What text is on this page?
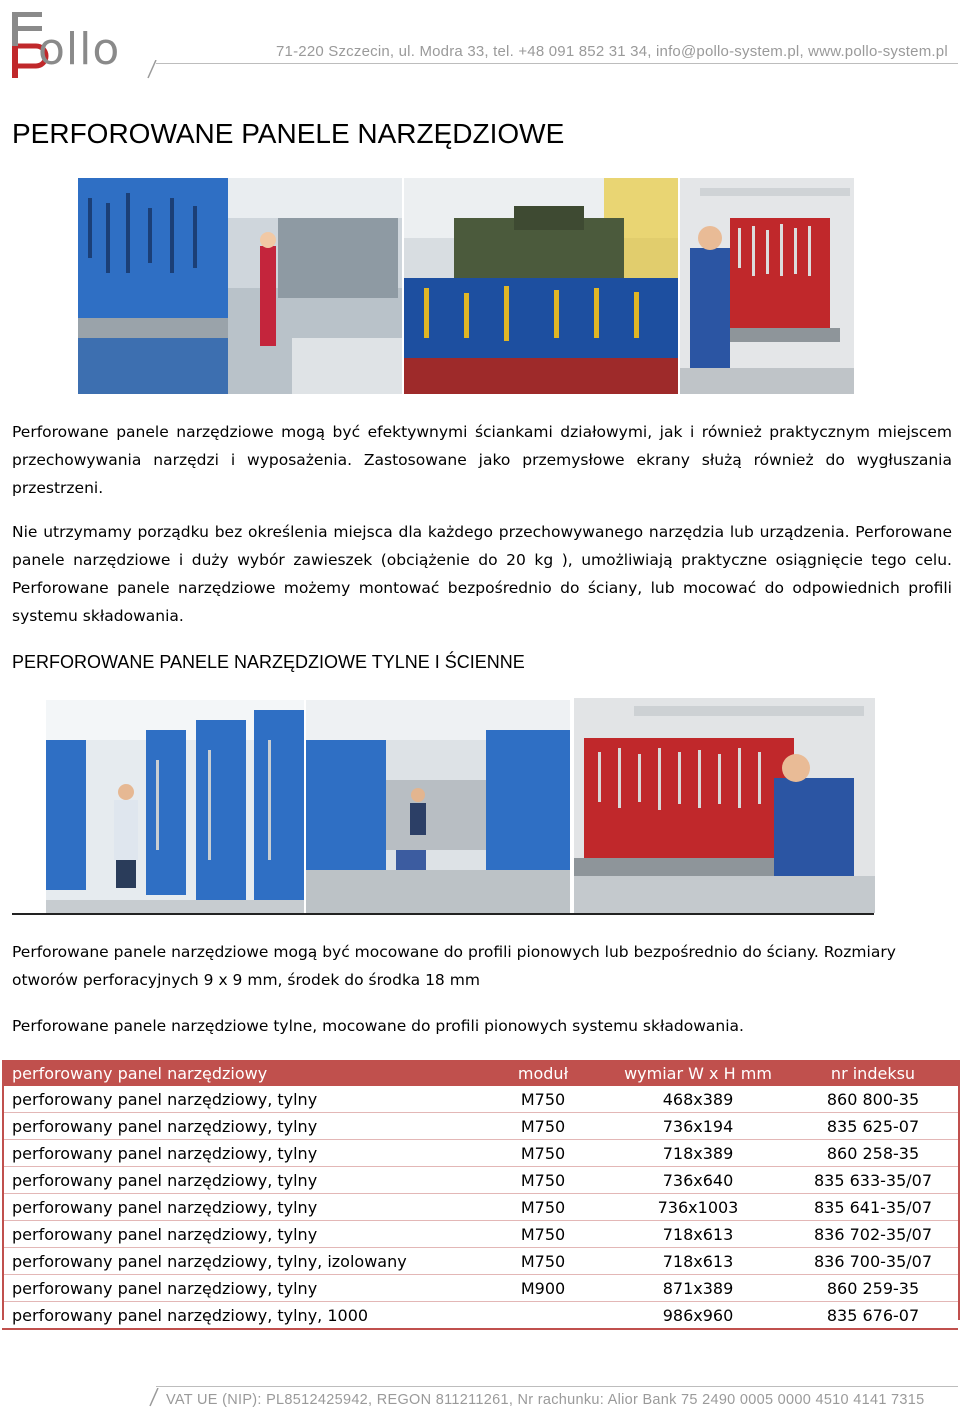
ollo	71-220 Szczecin, ul. Modra 33, tel. +48 091 852 31 34, info@pollo-system.pl, www.pollo-system.pl
PERFOROWANE PANELE NARZĘDZIOWE
Perforowane panele narzędziowe mogą być efektywnymi ściankami działowymi, jak i również praktycznym miejscem przechowywania narzędzi i wyposażenia. Zastosowane jako przemysłowe ekrany służą również do wygłuszania przestrzeni.
Nie utrzymamy porządku bez określenia miejsca dla każdego przechowywanego narzędzia lub urządzenia. Perforowane panele narzędziowe i duży wybór zawieszek (obciążenie do 20 kg ), umożliwiają praktyczne osiągnięcie tego celu. Perforowane panele narzędziowe możemy montować bezpośrednio do ściany, lub mocować do odpowiednich profili systemu składowania.
PERFOROWANE PANELE NARZĘDZIOWE TYLNE I ŚCIENNE
Perforowane panele narzędziowe mogą być mocowane do profili pionowych lub bezpośrednio do ściany. Rozmiary otworów perforacyjnych 9 x 9 mm, środek do środka 18 mm
Perforowane panele narzędziowe tylne, mocowane do profili pionowych systemu składowania.
perforowany panel narzędziowy	moduł	wymiar W x H mm	nr indeksu

perforowany panel narzędziowy, tylny	M750	468x389	860 800-35
perforowany panel narzędziowy, tylny	M750	736x194	835 625-07
perforowany panel narzędziowy, tylny	M750	718x389	860 258-35
perforowany panel narzędziowy, tylny	M750	736x640	835 633-35/07
perforowany panel narzędziowy, tylny	M750	736x1003	835 641-35/07
perforowany panel narzędziowy, tylny	M750	718x613	836 702-35/07
perforowany panel narzędziowy, tylny, izolowany	M750	718x613	836 700-35/07
perforowany panel narzędziowy, tylny	M900	871x389	860 259-35
perforowany panel narzędziowy, tylny, 1000		986x960	835 676-07
VAT UE (NIP): PL8512425942, REGON 811211261, Nr rachunku: Alior Bank 75 2490 0005 0000 4510 4141 7315
